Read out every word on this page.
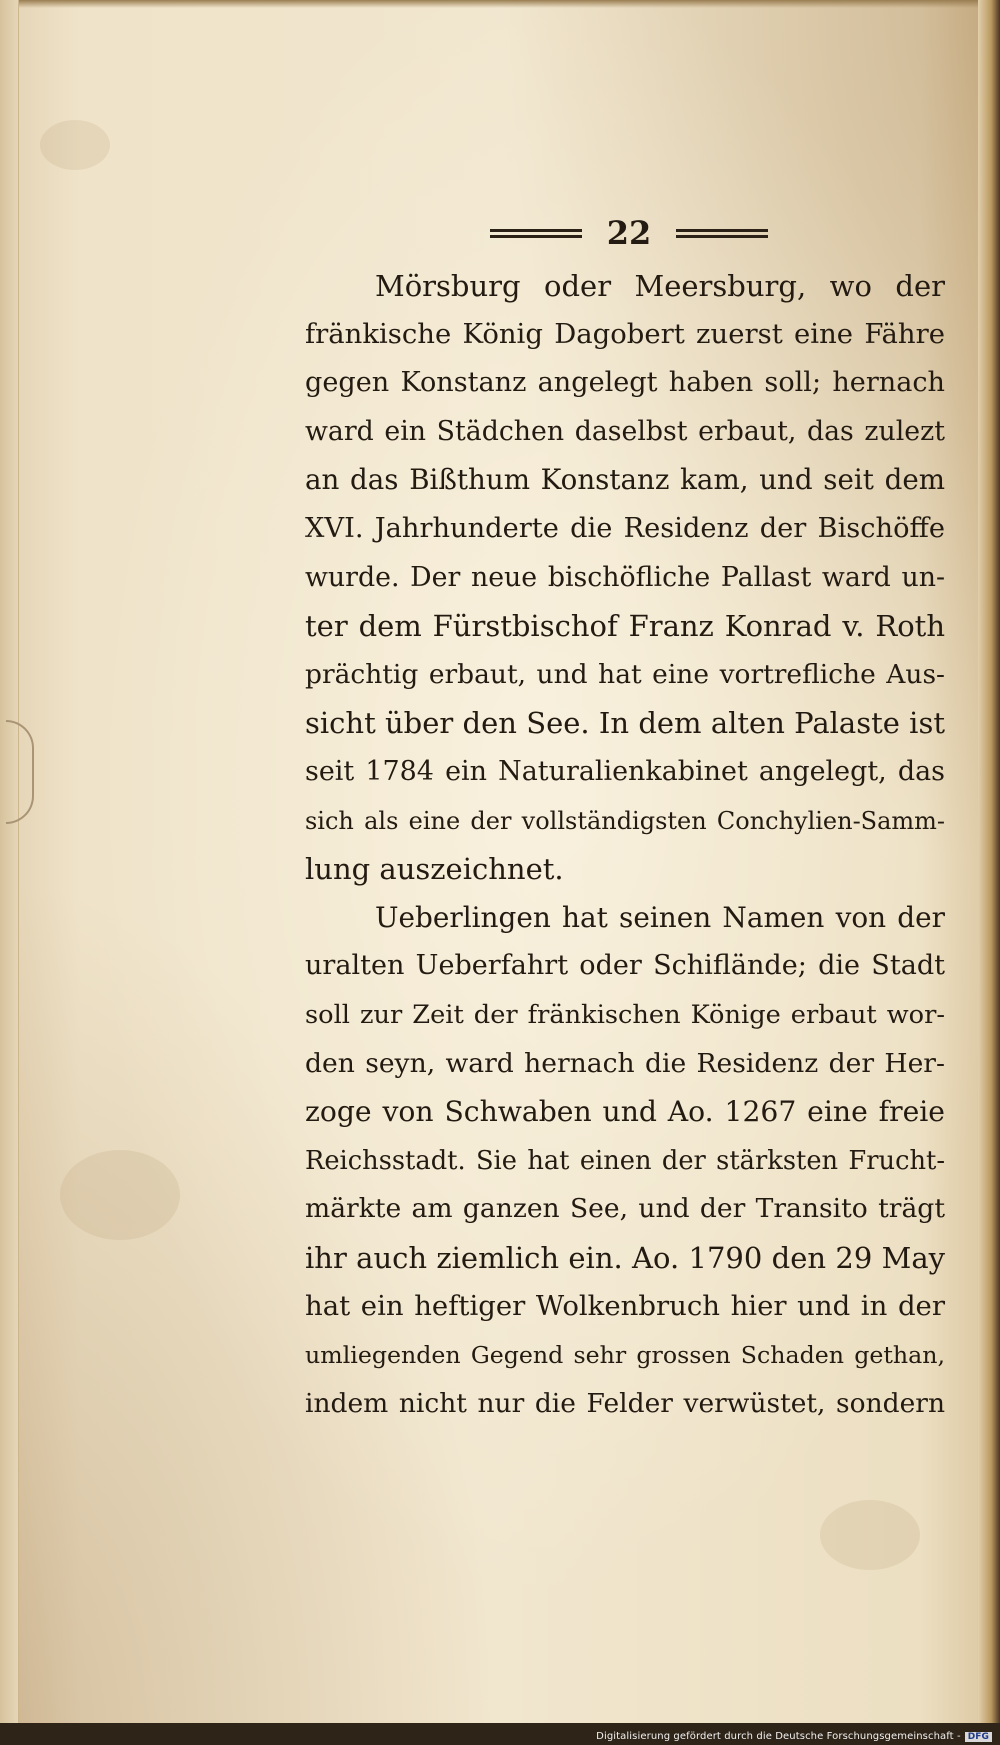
22
Mörsburg oder Meersburg, wo der
fränkische König Dagobert zuerst eine Fähre
gegen Konstanz angelegt haben soll; hernach
ward ein Städchen daselbst erbaut, das zulezt
an das Bißthum Konstanz kam, und seit dem
XVI. Jahrhunderte die Residenz der Bischöffe
wurde. Der neue bischöfliche Pallast ward un-
ter dem Fürstbischof Franz Konrad v. Roth
prächtig erbaut, und hat eine vortrefliche Aus-
sicht über den See. In dem alten Palaste ist
seit 1784 ein Naturalienkabinet angelegt, das
sich als eine der vollständigsten Conchylien-Samm-
lung auszeichnet.
Ueberlingen hat seinen Namen von der
uralten Ueberfahrt oder Schifländе; die Stadt
soll zur Zeit der fränkischen Könige erbaut wor-
den seyn, ward hernach die Residenz der Her-
zoge von Schwaben und Ao. 1267 eine freie
Reichsstadt. Sie hat einen der stärksten Frucht-
märkte am ganzen See, und der Transito trägt
ihr auch ziemlich ein. Ao. 1790 den 29 May
hat ein heftiger Wolkenbruch hier und in der
umliegenden Gegend sehr grossen Schaden gethan,
indem nicht nur die Felder verwüstet, sondern
Digitalisierung gefördert durch die Deutsche Forschungsgemeinschaft - DFG
